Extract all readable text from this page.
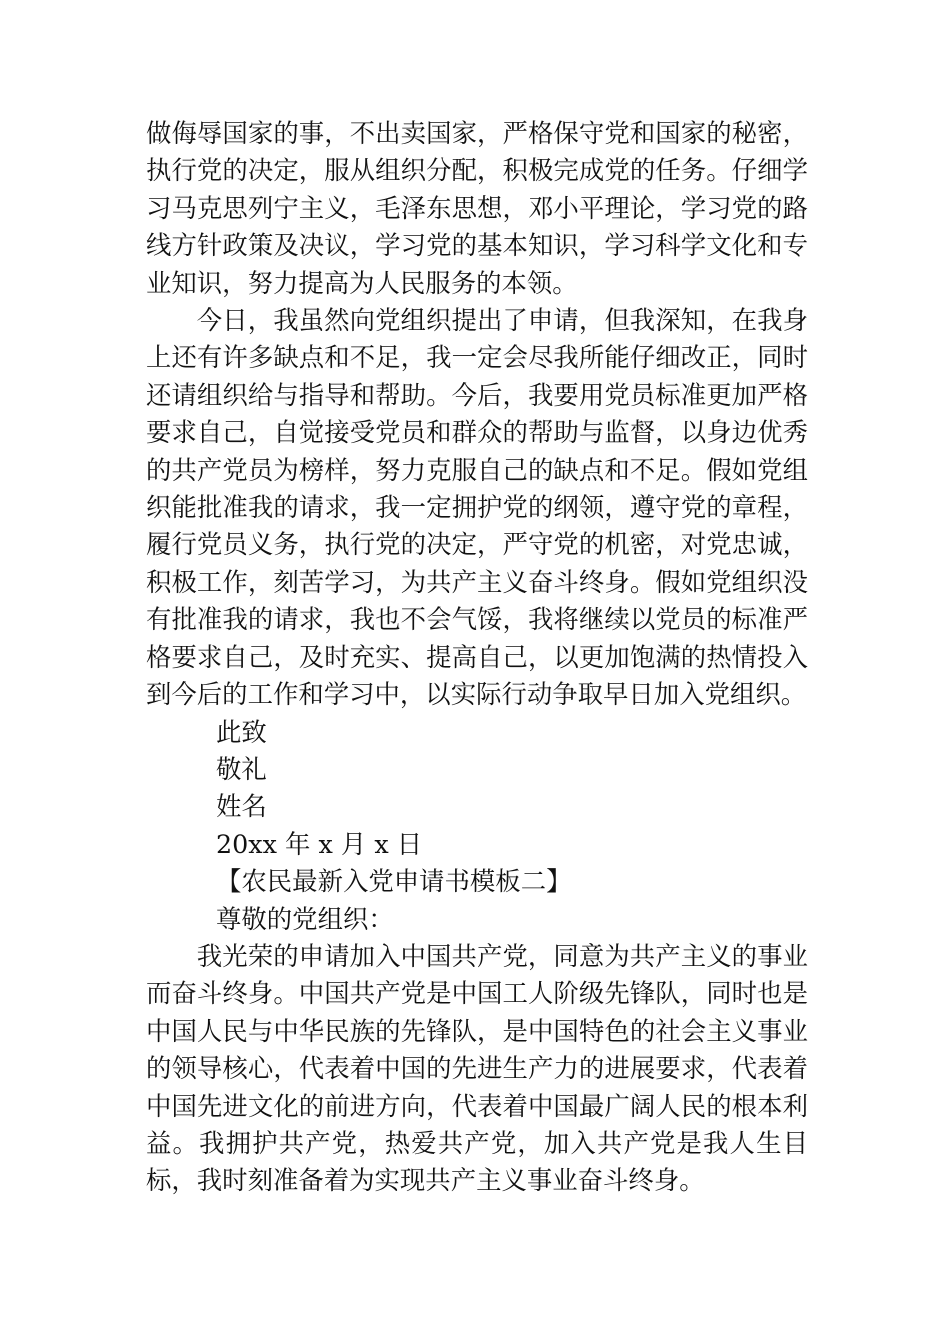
做侮辱国家的事，不出卖国家，严格保守党和国家的秘密，执行党的决定，服从组织分配，积极完成党的任务。仔细学习马克思列宁主义，毛泽东思想，邓小平理论，学习党的路线方针政策及决议，学习党的基本知识，学习科学文化和专业知识，努力提高为人民服务的本领。

今日，我虽然向党组织提出了申请，但我深知，在我身上还有许多缺点和不足，我一定会尽我所能仔细改正，同时还请组织给与指导和帮助。今后，我要用党员标准更加严格要求自己，自觉接受党员和群众的帮助与监督，以身边优秀的共产党员为榜样，努力克服自己的缺点和不足。假如党组织能批准我的请求，我一定拥护党的纲领，遵守党的章程，履行党员义务，执行党的决定，严守党的机密，对党忠诚，积极工作，刻苦学习，为共产主义奋斗终身。假如党组织没有批准我的请求，我也不会气馁，我将继续以党员的标准严格要求自己，及时充实、提高自己，以更加饱满的热情投入到今后的工作和学习中，以实际行动争取早日加入党组织。

此致

敬礼

姓名

20xx 年 x 月 x 日

【农民最新入党申请书模板二】

尊敬的党组织：

我光荣的申请加入中国共产党，同意为共产主义的事业而奋斗终身。中国共产党是中国工人阶级先锋队，同时也是中国人民与中华民族的先锋队，是中国特色的社会主义事业的领导核心，代表着中国的先进生产力的进展要求，代表着中国先进文化的前进方向，代表着中国最广阔人民的根本利益。我拥护共产党，热爱共产党，加入共产党是我人生目标，我时刻准备着为实现共产主义事业奋斗终身。
